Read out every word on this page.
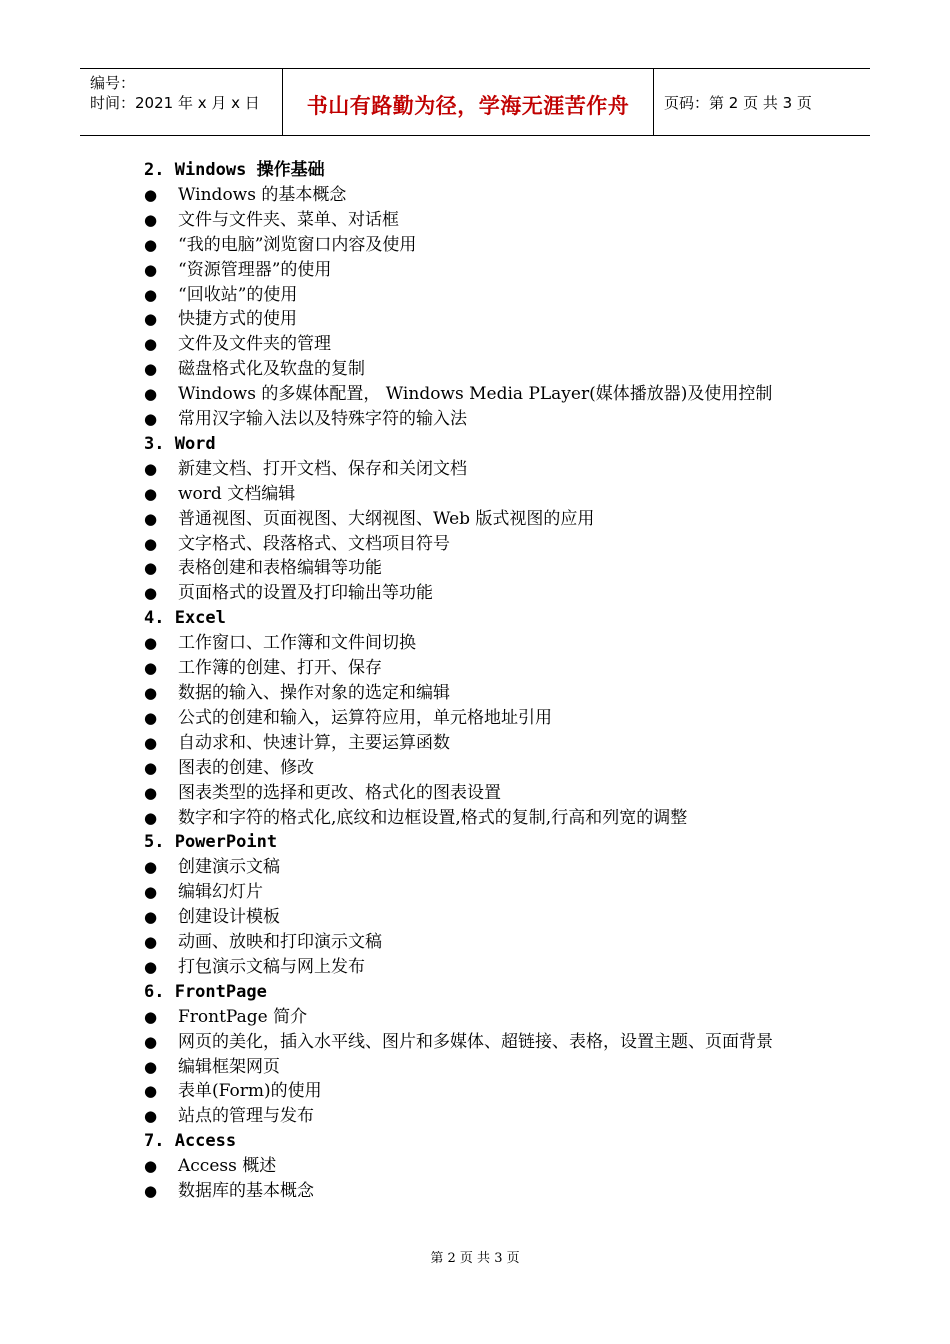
编号：
时间：2021 年 x 月 x 日	书山有路勤为径，学海无涯苦作舟	页码：第 2 页 共 3 页
2. Windows 操作基础
●	Windows 的基本概念
●	文件与文件夹、菜单、对话框
●	“我的电脑”浏览窗口内容及使用
●	“资源管理器”的使用
●	“回收站”的使用
●	快捷方式的使用
●	文件及文件夹的管理
●	磁盘格式化及软盘的复制
●	Windows 的多媒体配置， Windows Media PLayer(媒体播放器)及使用控制
●	常用汉字输入法以及特殊字符的输入法
3. Word
●	新建文档、打开文档、保存和关闭文档
●	word 文档编辑
●	普通视图、页面视图、大纲视图、Web 版式视图的应用
●	文字格式、段落格式、文档项目符号
●	表格创建和表格编辑等功能
●	页面格式的设置及打印输出等功能
4. Excel
●	工作窗口、工作簿和文件间切换
●	工作簿的创建、打开、保存
●	数据的输入、操作对象的选定和编辑
●	公式的创建和输入，运算符应用，单元格地址引用
●	自动求和、快速计算，主要运算函数
●	图表的创建、修改
●	图表类型的选择和更改、格式化的图表设置
●	数字和字符的格式化,底纹和边框设置,格式的复制,行高和列宽的调整
5. PowerPoint
●	创建演示文稿
●	编辑幻灯片
●	创建设计模板
●	动画、放映和打印演示文稿
●	打包演示文稿与网上发布
6. FrontPage
●	FrontPage 简介
●	网页的美化，插入水平线、图片和多媒体、超链接、表格，设置主题、页面背景
●	编辑框架网页
●	表单(Form)的使用
●	站点的管理与发布
7. Access
●	Access 概述
●	数据库的基本概念
第 2 页 共 3 页
